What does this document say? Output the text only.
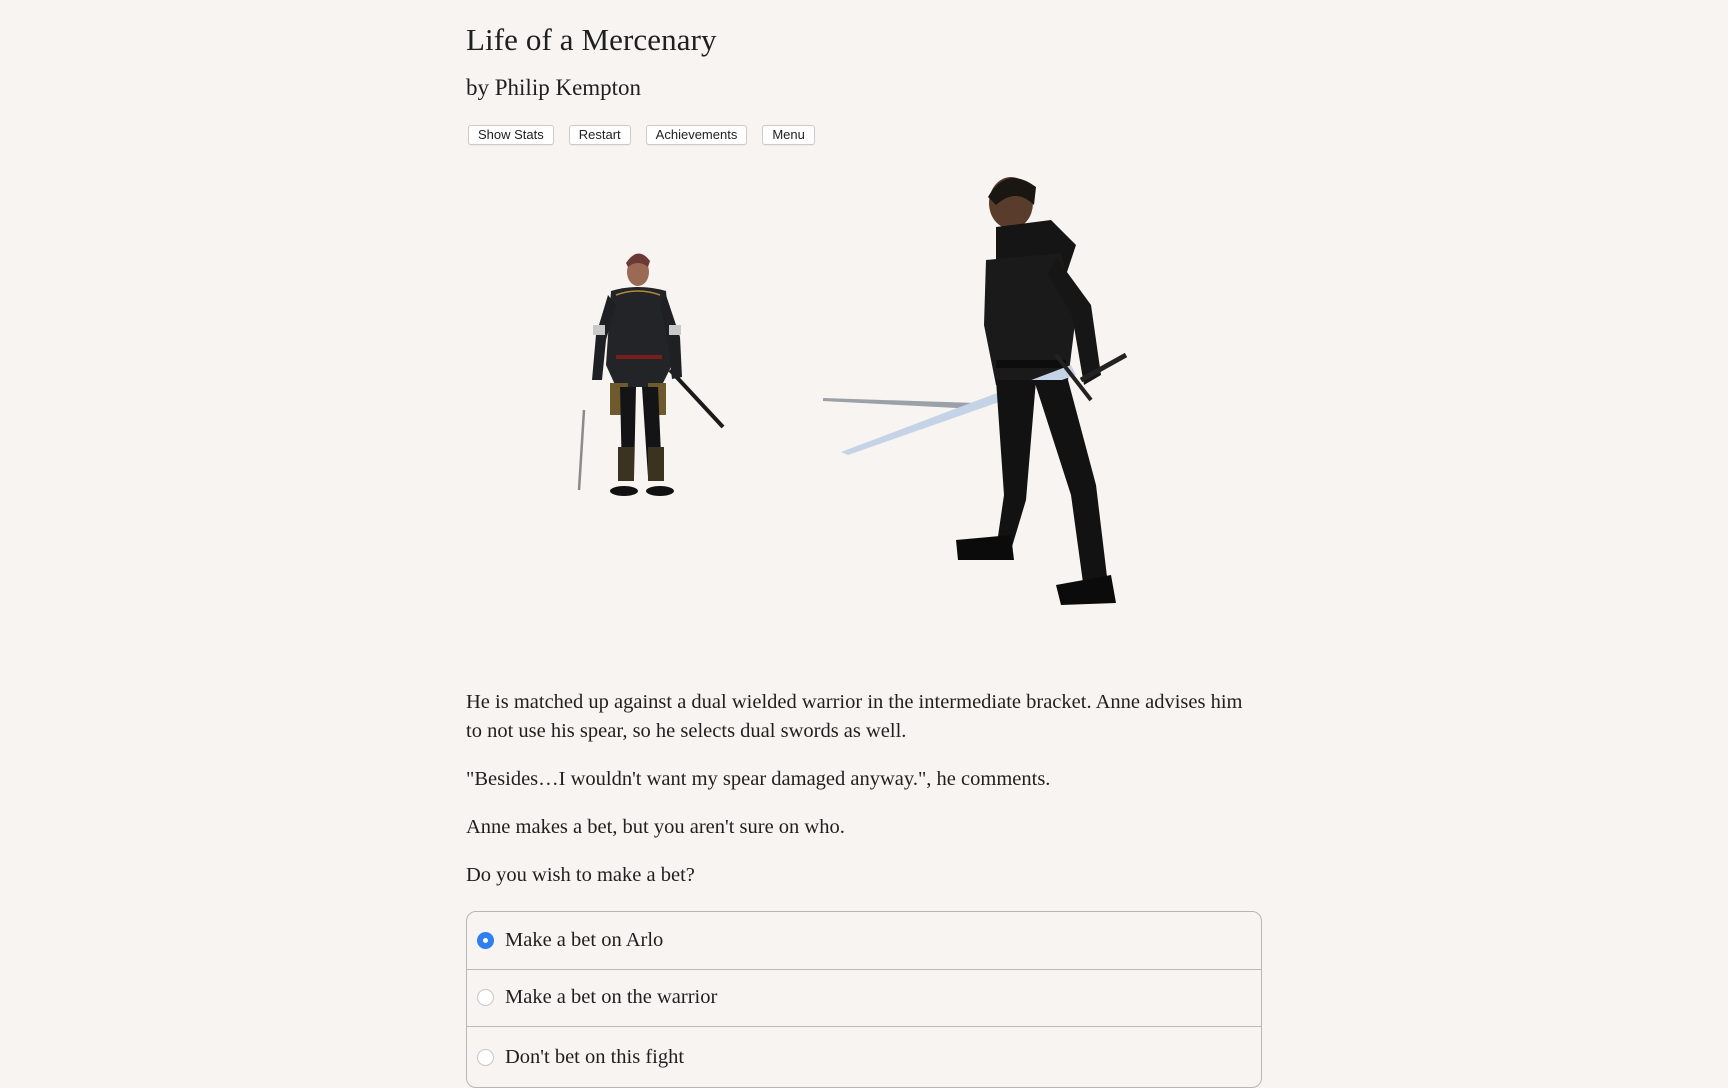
Life of a Mercenary
by Philip Kempton
Show Stats	Restart	Achievements	Menu

He is matched up against a dual wielded warrior in the intermediate bracket. Anne advises him to not use his spear, so he selects dual swords as well.

"Besides…I wouldn't want my spear damaged anyway.", he comments.

Anne makes a bet, but you aren't sure on who.

Do you wish to make a bet?

Make a bet on Arlo
Make a bet on the warrior
Don't bet on this fight
